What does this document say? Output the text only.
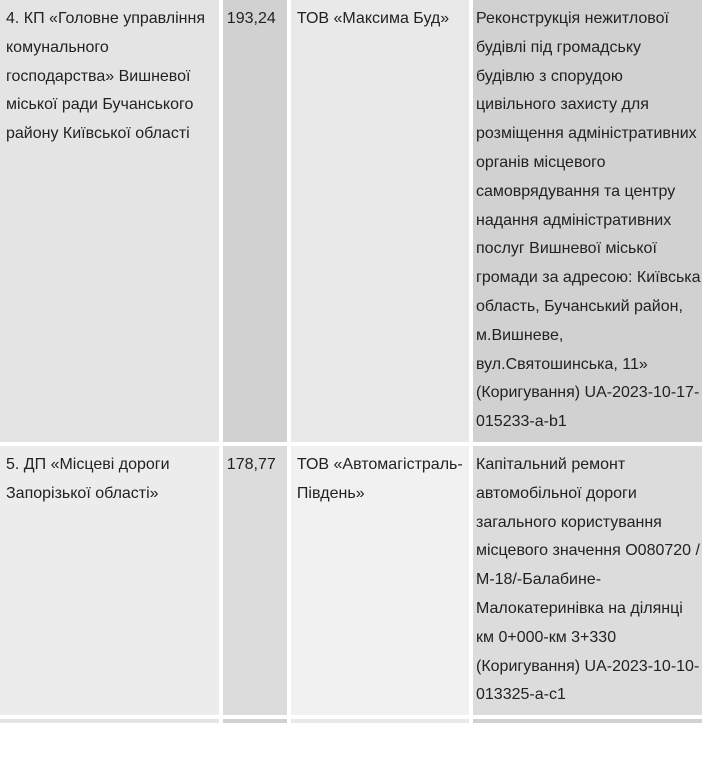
4. КП «Головне управління комунального господарства» Вишневої міської ради Бучанського району Київської області	193,24	ТОВ «Максима Буд»	Реконструкція нежитлової будівлі під громадську будівлю з спорудою цивільного захисту для розміщення адміністративних органів місцевого самоврядування та центру надання адміністративних послуг Вишневої міської громади за адресою: Київська область, Бучанський район, м.Вишневе, вул.Святошинська, 11» (Коригування) UA-2023-10-17-015233-a-b1
5. ДП «Місцеві дороги Запорізької області»	178,77	ТОВ «Автомагістраль-Південь»	Капітальний ремонт автомобільної дороги загального користування місцевого значення О080720 /М-18/-Балабине-Малокатеринівка на ділянці км 0+000-км 3+330 (Коригування) UA-2023-10-10-013325-a-c1
